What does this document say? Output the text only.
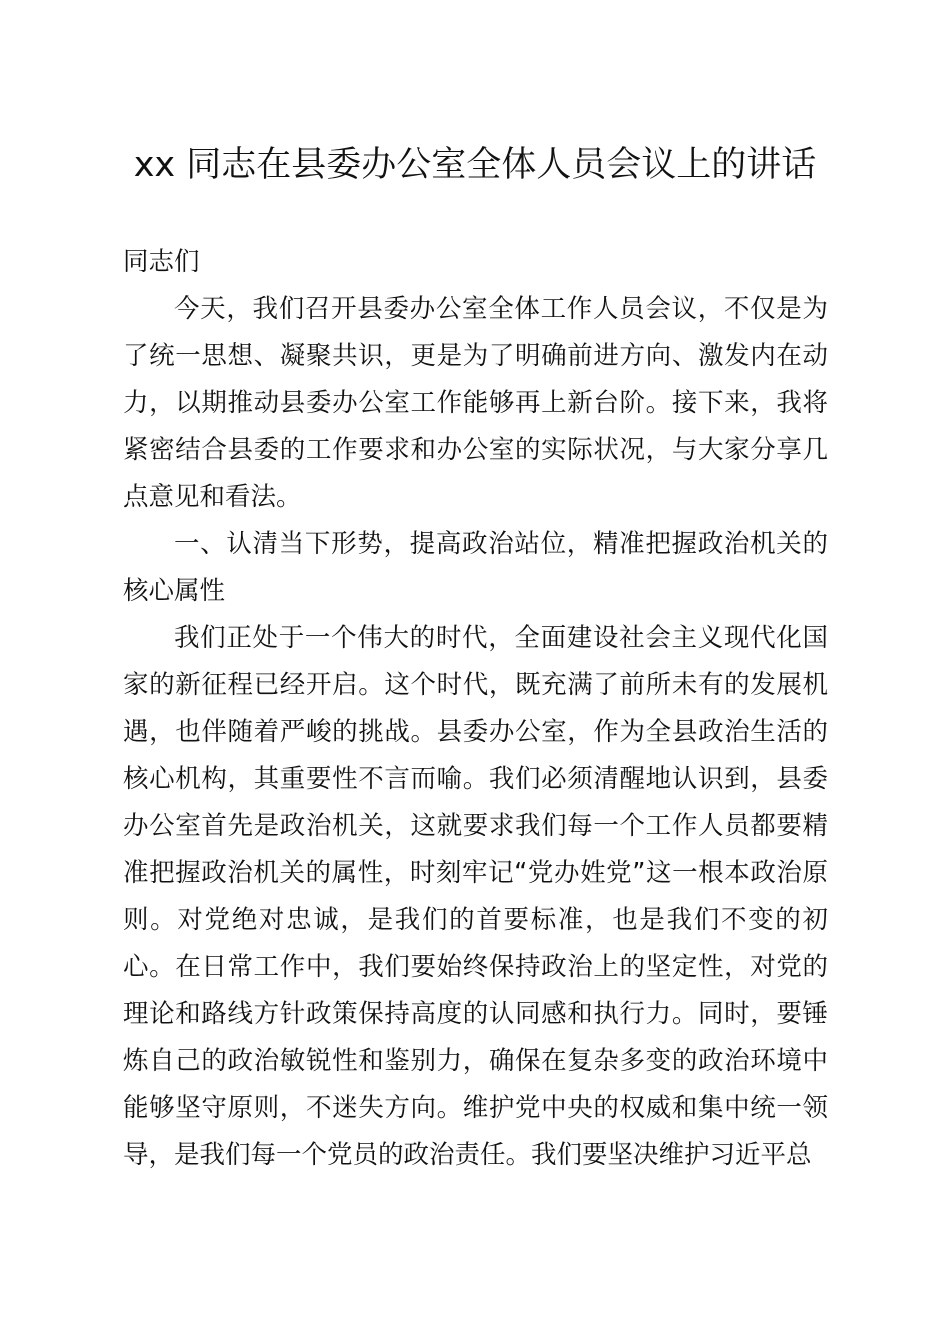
xx 同志在县委办公室全体人员会议上的讲话

同志们

今天，我们召开县委办公室全体工作人员会议，不仅是为了统一思想、凝聚共识，更是为了明确前进方向、激发内在动力，以期推动县委办公室工作能够再上新台阶。接下来，我将紧密结合县委的工作要求和办公室的实际状况，与大家分享几点意见和看法。

一、认清当下形势，提高政治站位，精准把握政治机关的核心属性

我们正处于一个伟大的时代，全面建设社会主义现代化国家的新征程已经开启。这个时代，既充满了前所未有的发展机遇，也伴随着严峻的挑战。县委办公室，作为全县政治生活的核心机构，其重要性不言而喻。我们必须清醒地认识到，县委办公室首先是政治机关，这就要求我们每一个工作人员都要精准把握政治机关的属性，时刻牢记“党办姓党”这一根本政治原则。对党绝对忠诚，是我们的首要标准，也是我们不变的初心。在日常工作中，我们要始终保持政治上的坚定性，对党的理论和路线方针政策保持高度的认同感和执行力。同时，要锤炼自己的政治敏锐性和鉴别力，确保在复杂多变的政治环境中能够坚守原则，不迷失方向。维护党中央的权威和集中统一领导，是我们每一个党员的政治责任。我们要坚决维护习近平总
